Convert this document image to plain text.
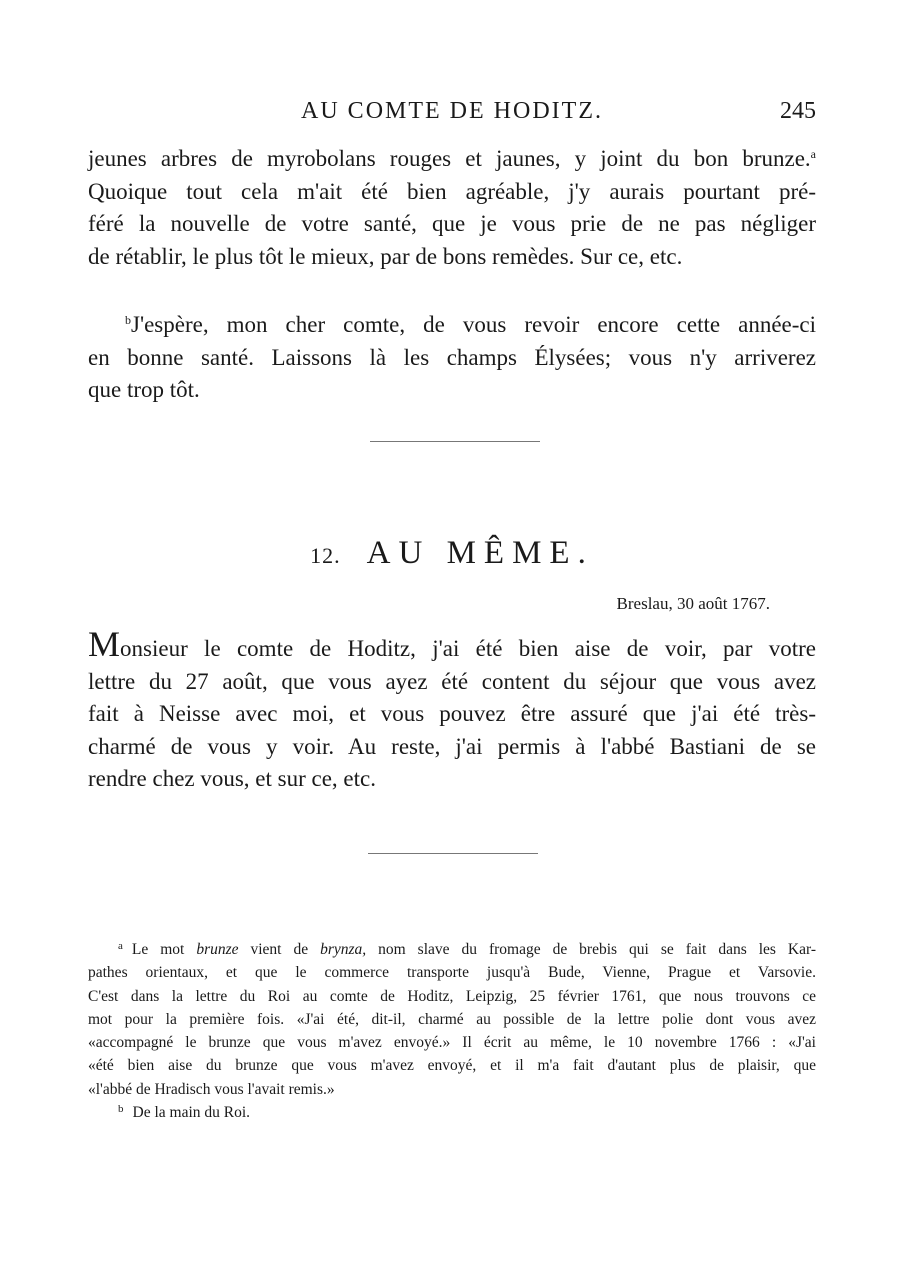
AU COMTE DE HODITZ.	245
jeunes arbres de myrobolans rouges et jaunes, y joint du bon brunze.$^a$
Quoique tout cela m'ait été bien agréable, j'y aurais pourtant pré-
féré la nouvelle de votre santé, que je vous prie de ne pas négliger
de rétablir, le plus tôt le mieux, par de bons remèdes. Sur ce, etc.
$^b$J'espère, mon cher comte, de vous revoir encore cette année-ci
en bonne santé. Laissons là les champs Élysées; vous n'y arriverez
que trop tôt.
12. AU MÊME.
Breslau, 30 août 1767.
Monsieur le comte de Hoditz, j'ai été bien aise de voir, par votre
lettre du 27 août, que vous ayez été content du séjour que vous avez
fait à Neisse avec moi, et vous pouvez être assuré que j'ai été très-
charmé de vous y voir. Au reste, j'ai permis à l'abbé Bastiani de se
rendre chez vous, et sur ce, etc.
$^a$ Le mot brunze vient de brynza, nom slave du fromage de brebis qui se fait dans les Kar-
pathes orientaux, et que le commerce transporte jusqu'à Bude, Vienne, Prague et Varsovie.
C'est dans la lettre du Roi au comte de Hoditz, Leipzig, 25 février 1761, que nous trouvons ce
mot pour la première fois. «J'ai été, dit-il, charmé au possible de la lettre polie dont vous avez
«accompagné le brunze que vous m'avez envoyé.» Il écrit au même, le 10 novembre 1766 : «J'ai
«été bien aise du brunze que vous m'avez envoyé, et il m'a fait d'autant plus de plaisir, que
«l'abbé de Hradisch vous l'avait remis.»
$^b$ De la main du Roi.
